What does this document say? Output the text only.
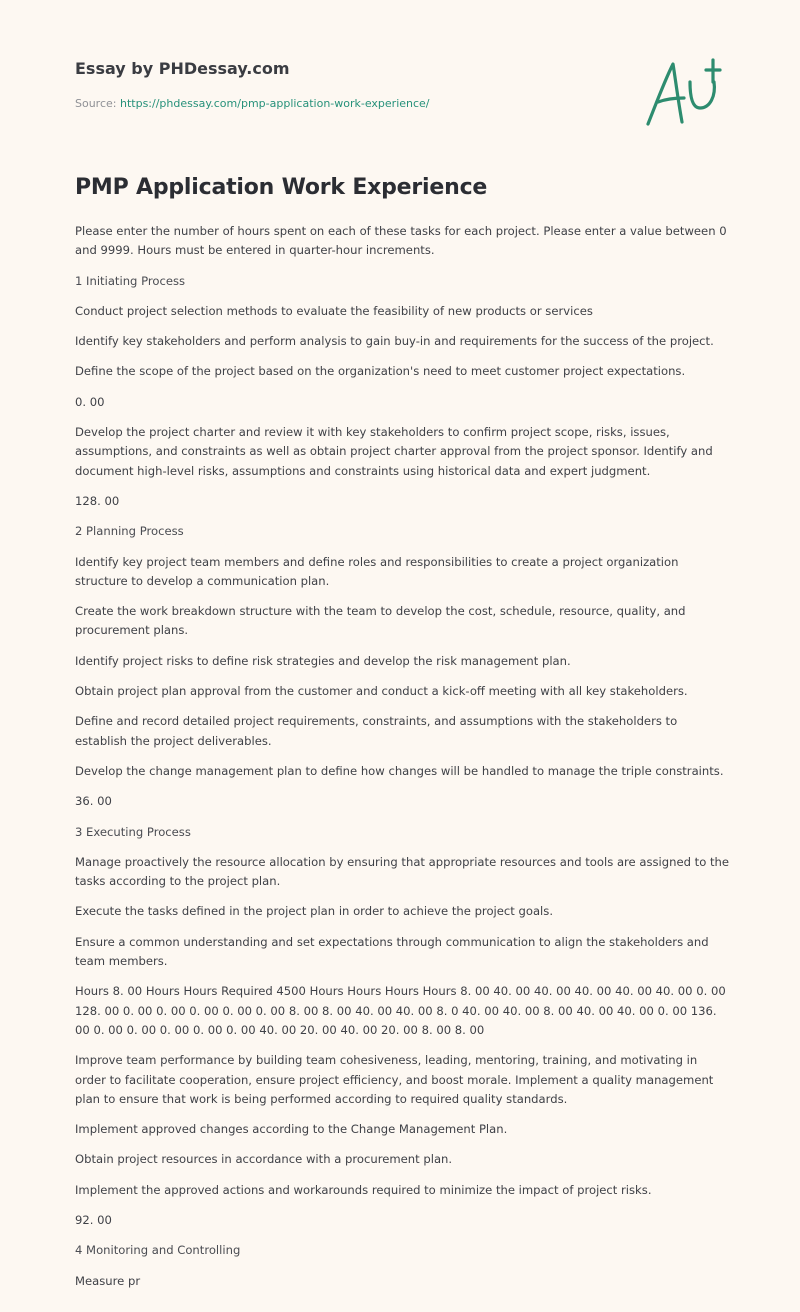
Essay by PHDessay.com

Source: https://phdessay.com/pmp-application-work-experience/

PMP Application Work Experience

Please enter the number of hours spent on each of these tasks for each project. Please enter a value between 0 and 9999. Hours must be entered in quarter-hour increments.

1 Initiating Process

Conduct project selection methods to evaluate the feasibility of new products or services

Identify key stakeholders and perform analysis to gain buy-in and requirements for the success of the project.

Define the scope of the project based on the organization's need to meet customer project expectations.

0. 00

Develop the project charter and review it with key stakeholders to confirm project scope, risks, issues, assumptions, and constraints as well as obtain project charter approval from the project sponsor. Identify and document high-level risks, assumptions and constraints using historical data and expert judgment.

128. 00

2 Planning Process

Identify key project team members and define roles and responsibilities to create a project organization structure to develop a communication plan.

Create the work breakdown structure with the team to develop the cost, schedule, resource, quality, and procurement plans.

Identify project risks to define risk strategies and develop the risk management plan.

Obtain project plan approval from the customer and conduct a kick-off meeting with all key stakeholders.

Define and record detailed project requirements, constraints, and assumptions with the stakeholders to establish the project deliverables.

Develop the change management plan to define how changes will be handled to manage the triple constraints.

36. 00

3 Executing Process

Manage proactively the resource allocation by ensuring that appropriate resources and tools are assigned to the tasks according to the project plan.

Execute the tasks defined in the project plan in order to achieve the project goals.

Ensure a common understanding and set expectations through communication to align the stakeholders and team members.

Hours 8. 00 Hours Hours Required 4500 Hours Hours Hours Hours 8. 00 40. 00 40. 00 40. 00 40. 00 40. 00 0. 00 128. 00 0. 00 0. 00 0. 00 0. 00 0. 00 8. 00 8. 00 40. 00 40. 00 8. 0 40. 00 40. 00 8. 00 40. 00 40. 00 0. 00 136. 00 0. 00 0. 00 0. 00 0. 00 0. 00 40. 00 20. 00 40. 00 20. 00 8. 00 8. 00

Improve team performance by building team cohesiveness, leading, mentoring, training, and motivating in order to facilitate cooperation, ensure project efficiency, and boost morale. Implement a quality management plan to ensure that work is being performed according to required quality standards.

Implement approved changes according to the Change Management Plan.

Obtain project resources in accordance with a procurement plan.

Implement the approved actions and workarounds required to minimize the impact of project risks.

92. 00

4 Monitoring and Controlling

Measure pr
